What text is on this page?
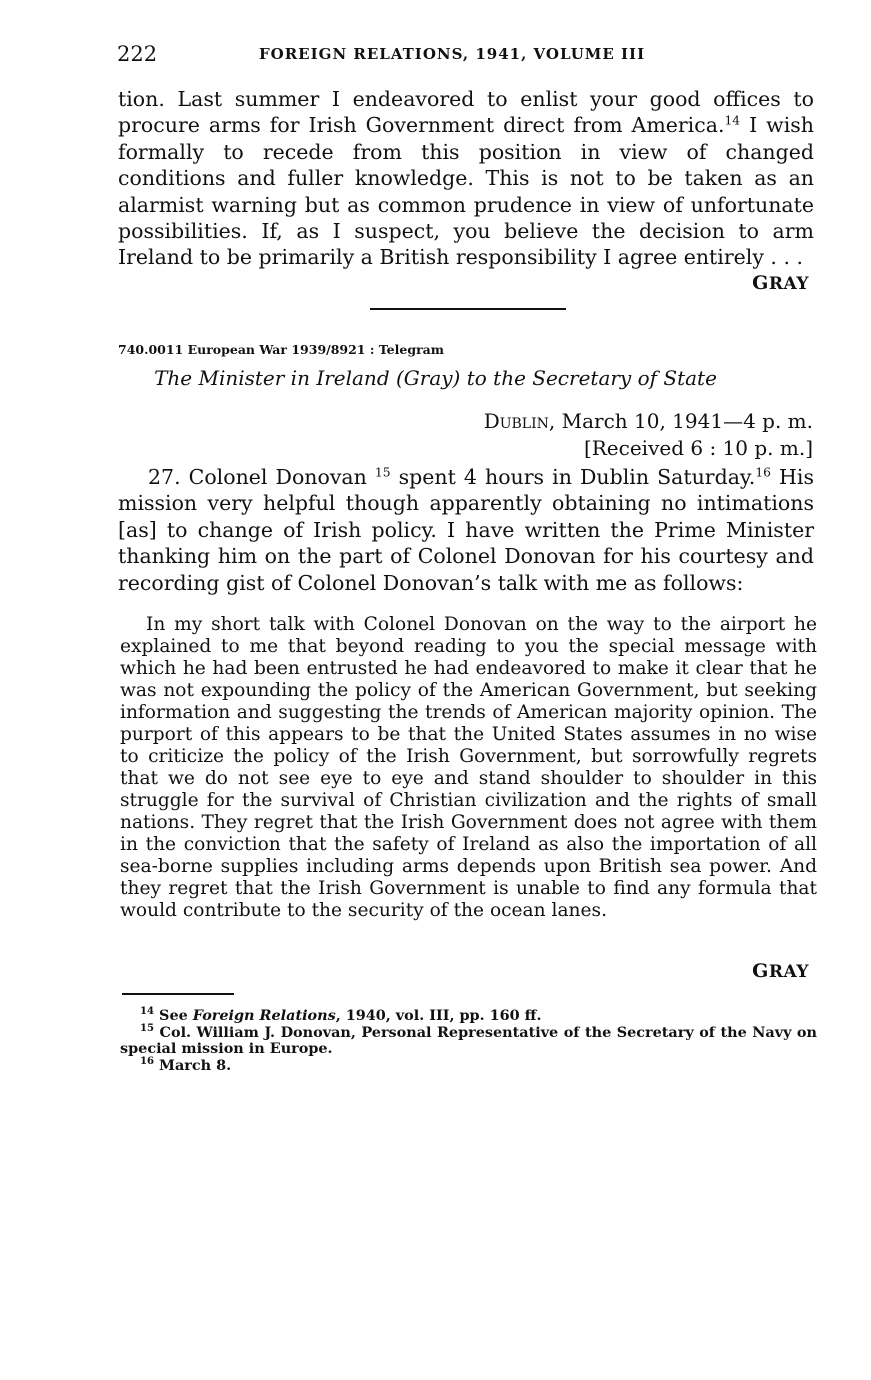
222	FOREIGN RELATIONS, 1941, VOLUME III
tion. Last summer I endeavored to enlist your good offices to procure arms for Irish Government direct from America.$^{14}$ I wish formally to recede from this position in view of changed conditions and fuller knowledge. This is not to be taken as an alarmist warning but as common prudence in view of unfortunate possibilities. If, as I suspect, you believe the decision to arm Ireland to be primarily a British responsibility I agree entirely . . .
GRAY
740.0011 European War 1939/8921 : Telegram
The Minister in Ireland (Gray) to the Secretary of State
Dublin, March 10, 1941—4 p. m.
[Received 6 : 10 p. m.]
27. Colonel Donovan $^{15}$ spent 4 hours in Dublin Saturday.$^{16}$ His mission very helpful though apparently obtaining no intimations [as] to change of Irish policy. I have written the Prime Minister thanking him on the part of Colonel Donovan for his courtesy and recording gist of Colonel Donovan’s talk with me as follows:
In my short talk with Colonel Donovan on the way to the airport he explained to me that beyond reading to you the special message with which he had been entrusted he had endeavored to make it clear that he was not expounding the policy of the American Government, but seeking information and suggesting the trends of American majority opinion. The purport of this appears to be that the United States assumes in no wise to criticize the policy of the Irish Government, but sorrowfully regrets that we do not see eye to eye and stand shoulder to shoulder in this struggle for the survival of Christian civilization and the rights of small nations. They regret that the Irish Government does not agree with them in the conviction that the safety of Ireland as also the importation of all sea-borne supplies including arms depends upon British sea power. And they regret that the Irish Government is unable to find any formula that would contribute to the security of the ocean lanes.
GRAY
$^{14}$ See Foreign Relations, 1940, vol. III, pp. 160 ff.
$^{15}$ Col. William J. Donovan, Personal Representative of the Secretary of the Navy on special mission in Europe.
$^{16}$ March 8.
